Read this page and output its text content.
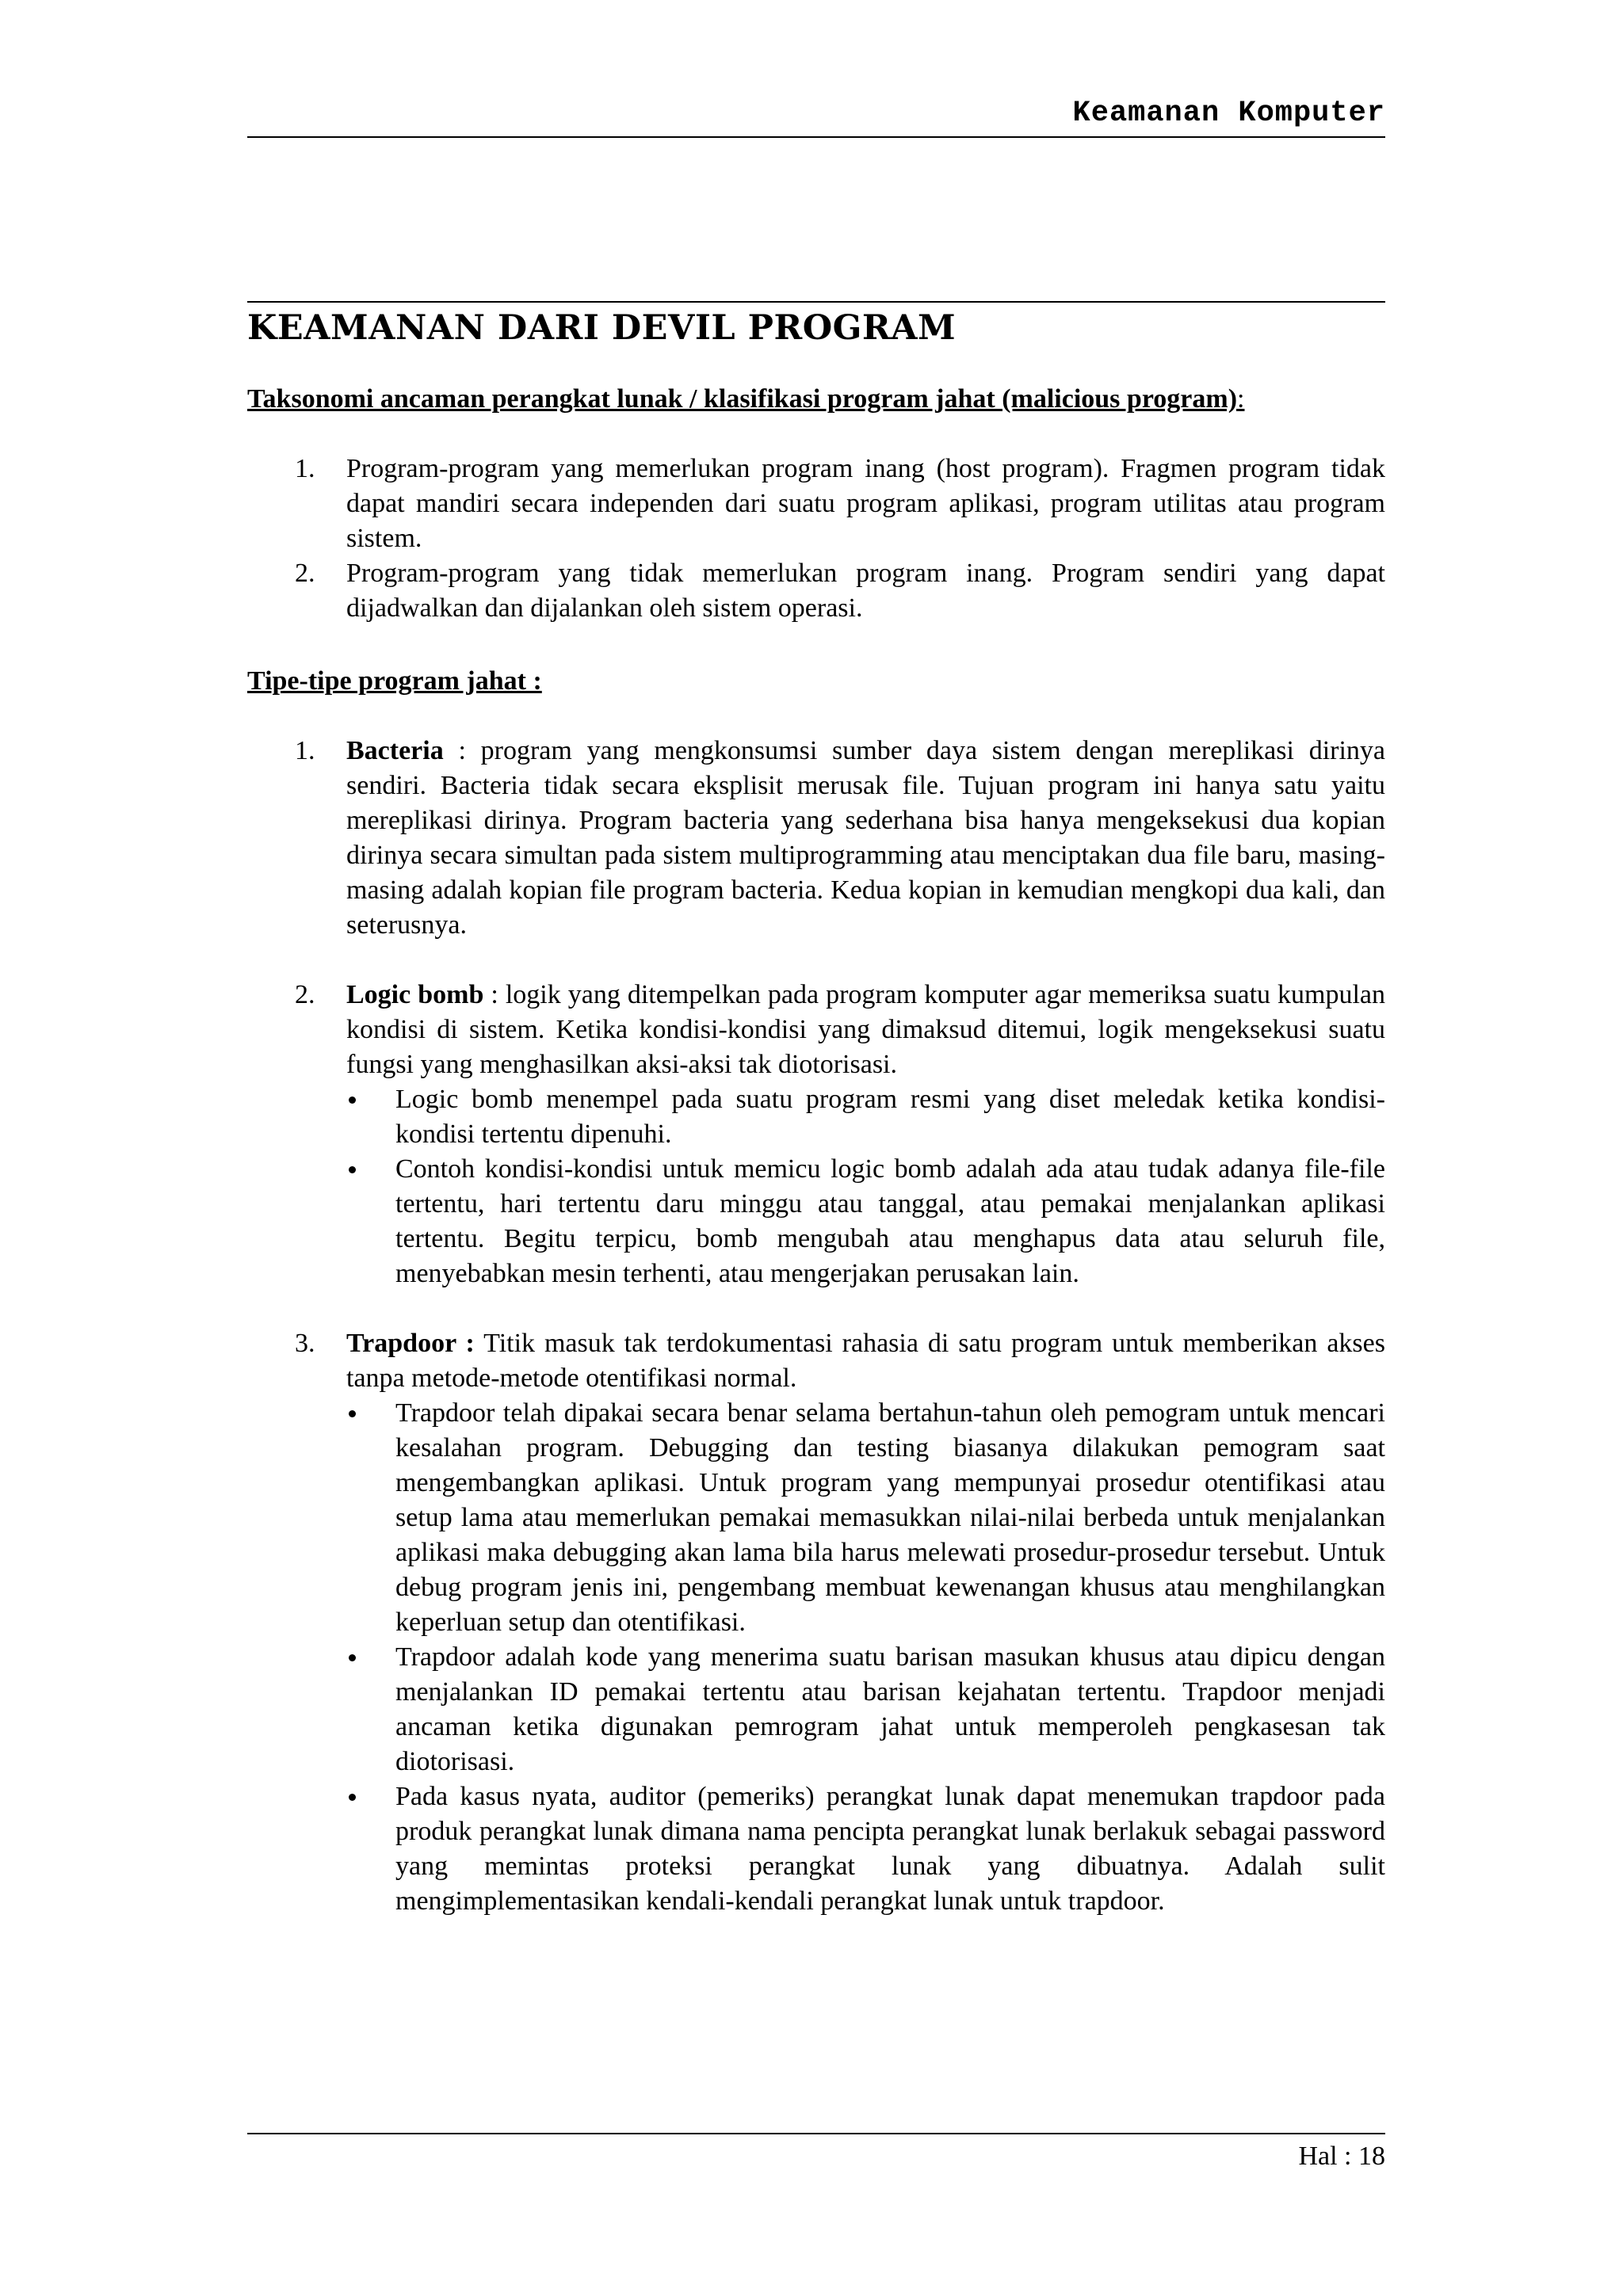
Keamanan Komputer
KEAMANAN DARI DEVIL PROGRAM

Taksonomi ancaman perangkat lunak / klasifikasi program jahat (malicious program):

1. Program-program yang memerlukan program inang (host program). Fragmen program tidak dapat mandiri secara independen dari suatu program aplikasi, program utilitas atau program sistem.
2. Program-program yang tidak memerlukan program inang. Program sendiri yang dapat dijadwalkan dan dijalankan oleh sistem operasi.

Tipe-tipe program jahat :

1. Bacteria : program yang mengkonsumsi sumber daya sistem dengan mereplikasi dirinya sendiri. Bacteria tidak secara eksplisit merusak file. Tujuan program ini hanya satu yaitu mereplikasi dirinya. Program bacteria yang sederhana bisa hanya mengeksekusi dua kopian dirinya secara simultan pada sistem multiprogramming atau menciptakan dua file baru, masing-masing adalah kopian file program bacteria. Kedua kopian in kemudian mengkopi dua kali, dan seterusnya.
2. Logic bomb : logik yang ditempelkan pada program komputer agar memeriksa suatu kumpulan kondisi di sistem. Ketika kondisi-kondisi yang dimaksud ditemui, logik mengeksekusi suatu fungsi yang menghasilkan aksi-aksi tak diotorisasi.
Logic bomb menempel pada suatu program resmi yang diset meledak ketika kondisi-kondisi tertentu dipenuhi.
Contoh kondisi-kondisi untuk memicu logic bomb adalah ada atau tudak adanya file-file tertentu, hari tertentu daru minggu atau tanggal, atau pemakai menjalankan aplikasi tertentu. Begitu terpicu, bomb mengubah atau menghapus data atau seluruh file, menyebabkan mesin terhenti, atau mengerjakan perusakan lain.
3. Trapdoor : Titik masuk tak terdokumentasi rahasia di satu program untuk memberikan akses tanpa metode-metode otentifikasi normal.
Trapdoor telah dipakai secara benar selama bertahun-tahun oleh pemogram untuk mencari kesalahan program. Debugging dan testing biasanya dilakukan pemogram saat mengembangkan aplikasi. Untuk program yang mempunyai prosedur otentifikasi atau setup lama atau memerlukan pemakai memasukkan nilai-nilai berbeda untuk menjalankan aplikasi maka debugging akan lama bila harus melewati prosedur-prosedur tersebut. Untuk debug program jenis ini, pengembang membuat kewenangan khusus atau menghilangkan keperluan setup dan otentifikasi.
Trapdoor adalah kode yang menerima suatu barisan masukan khusus atau dipicu dengan menjalankan ID pemakai tertentu atau barisan kejahatan tertentu. Trapdoor menjadi ancaman ketika digunakan pemrogram jahat untuk memperoleh pengkasesan tak diotorisasi.
Pada kasus nyata, auditor (pemeriks) perangkat lunak dapat menemukan trapdoor pada produk perangkat lunak dimana nama pencipta perangkat lunak berlakuk sebagai password yang memintas proteksi perangkat lunak yang dibuatnya. Adalah sulit mengimplementasikan kendali-kendali perangkat lunak untuk trapdoor.
Hal : 18
